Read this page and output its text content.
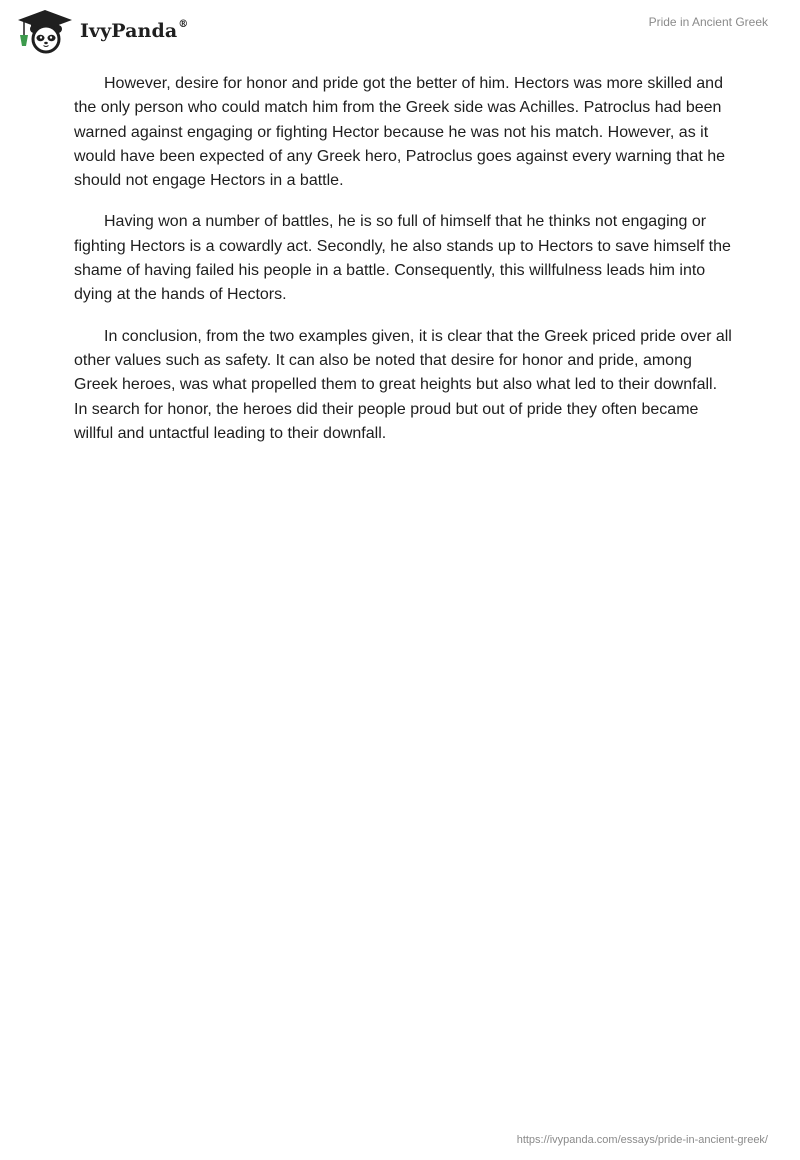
IvyPanda®	Pride in Ancient Greek

However, desire for honor and pride got the better of him. Hectors was more skilled and the only person who could match him from the Greek side was Achilles. Patroclus had been warned against engaging or fighting Hector because he was not his match. However, as it would have been expected of any Greek hero, Patroclus goes against every warning that he should not engage Hectors in a battle.

Having won a number of battles, he is so full of himself that he thinks not engaging or fighting Hectors is a cowardly act. Secondly, he also stands up to Hectors to save himself the shame of having failed his people in a battle. Consequently, this willfulness leads him into dying at the hands of Hectors.

In conclusion, from the two examples given, it is clear that the Greek priced pride over all other values such as safety. It can also be noted that desire for honor and pride, among Greek heroes, was what propelled them to great heights but also what led to their downfall. In search for honor, the heroes did their people proud but out of pride they often became willful and untactful leading to their downfall.

https://ivypanda.com/essays/pride-in-ancient-greek/
